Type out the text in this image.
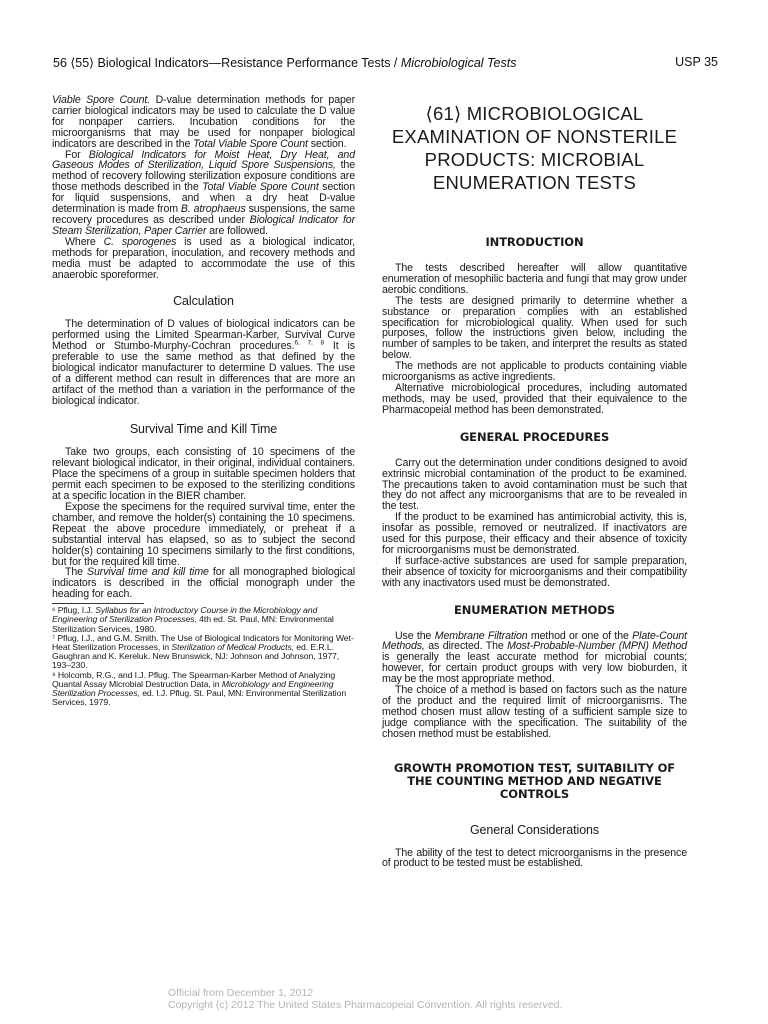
56 ⟨55⟩ Biological Indicators—Resistance Performance Tests / Microbiological Tests	USP 35

Viable Spore Count. D-value determination methods for paper carrier biological indicators may be used to calculate the D value for nonpaper carriers. Incubation conditions for the microorganisms that may be used for nonpaper biological indicators are described in the Total Viable Spore Count section.

For Biological Indicators for Moist Heat, Dry Heat, and Gaseous Modes of Sterilization, Liquid Spore Suspensions, the method of recovery following sterilization exposure conditions are those methods described in the Total Viable Spore Count section for liquid suspensions, and when a dry heat D-value determination is made from B. atrophaeus suspensions, the same recovery procedures as described under Biological Indicator for Steam Sterilization, Paper Carrier are followed.

Where C. sporogenes is used as a biological indicator, methods for preparation, inoculation, and recovery methods and media must be adapted to accommodate the use of this anaerobic sporeformer.

Calculation

The determination of D values of biological indicators can be performed using the Limited Spearman-Karber, Survival Curve Method or Stumbo-Murphy-Cochran procedures.$^{6, 7, 8}$ It is preferable to use the same method as that defined by the biological indicator manufacturer to determine D values. The use of a different method can result in differences that are more an artifact of the method than a variation in the performance of the biological indicator.

Survival Time and Kill Time

Take two groups, each consisting of 10 specimens of the relevant biological indicator, in their original, individual containers. Place the specimens of a group in suitable specimen holders that permit each specimen to be exposed to the sterilizing conditions at a specific location in the BIER chamber.

Expose the specimens for the required survival time, enter the chamber, and remove the holder(s) containing the 10 specimens. Repeat the above procedure immediately, or preheat if a substantial interval has elapsed, so as to subject the second holder(s) containing 10 specimens similarly to the first conditions, but for the required kill time.

The Survival time and kill time for all monographed biological indicators is described in the official monograph under the heading for each.

⁶ Pflug, I.J. Syllabus for an Introductory Course in the Microbiology and Engineering of Sterilization Processes, 4th ed. St. Paul, MN: Environmental Sterilization Services, 1980.

⁷ Pflug, I.J., and G.M. Smith. The Use of Biological Indicators for Monitoring Wet-Heat Sterilization Processes, in Sterilization of Medical Products, ed. E.R.L. Gaughran and K. Kereluk. New Brunswick, NJ: Johnson and Johnson, 1977, 193–230.

⁸ Holcomb, R.G., and I.J. Pflug. The Spearman-Karber Method of Analyzing Quantal Assay Microbial Destruction Data, in Microbiology and Engineering Sterilization Processes, ed. I.J. Pflug. St. Paul, MN: Environmental Sterilization Services, 1979.

⟨61⟩ MICROBIOLOGICAL EXAMINATION OF NONSTERILE PRODUCTS: MICROBIAL ENUMERATION TESTS

INTRODUCTION

The tests described hereafter will allow quantitative enumeration of mesophilic bacteria and fungi that may grow under aerobic conditions.

The tests are designed primarily to determine whether a substance or preparation complies with an established specification for microbiological quality. When used for such purposes, follow the instructions given below, including the number of samples to be taken, and interpret the results as stated below.

The methods are not applicable to products containing viable microorganisms as active ingredients.

Alternative microbiological procedures, including automated methods, may be used, provided that their equivalence to the Pharmacopeial method has been demonstrated.

GENERAL PROCEDURES

Carry out the determination under conditions designed to avoid extrinsic microbial contamination of the product to be examined. The precautions taken to avoid contamination must be such that they do not affect any microorganisms that are to be revealed in the test.

If the product to be examined has antimicrobial activity, this is, insofar as possible, removed or neutralized. If inactivators are used for this purpose, their efficacy and their absence of toxicity for microorganisms must be demonstrated.

If surface-active substances are used for sample preparation, their absence of toxicity for microorganisms and their compatibility with any inactivators used must be demonstrated.

ENUMERATION METHODS

Use the Membrane Filtration method or one of the Plate-Count Methods, as directed. The Most-Probable-Number (MPN) Method is generally the least accurate method for microbial counts; however, for certain product groups with very low bioburden, it may be the most appropriate method.

The choice of a method is based on factors such as the nature of the product and the required limit of microorganisms. The method chosen must allow testing of a sufficient sample size to judge compliance with the specification. The suitability of the chosen method must be established.

GROWTH PROMOTION TEST, SUITABILITY OF THE COUNTING METHOD AND NEGATIVE CONTROLS

General Considerations

The ability of the test to detect microorganisms in the presence of product to be tested must be established.

Official from December 1, 2012
Copyright (c) 2012 The United States Pharmacopeial Convention. All rights reserved.
